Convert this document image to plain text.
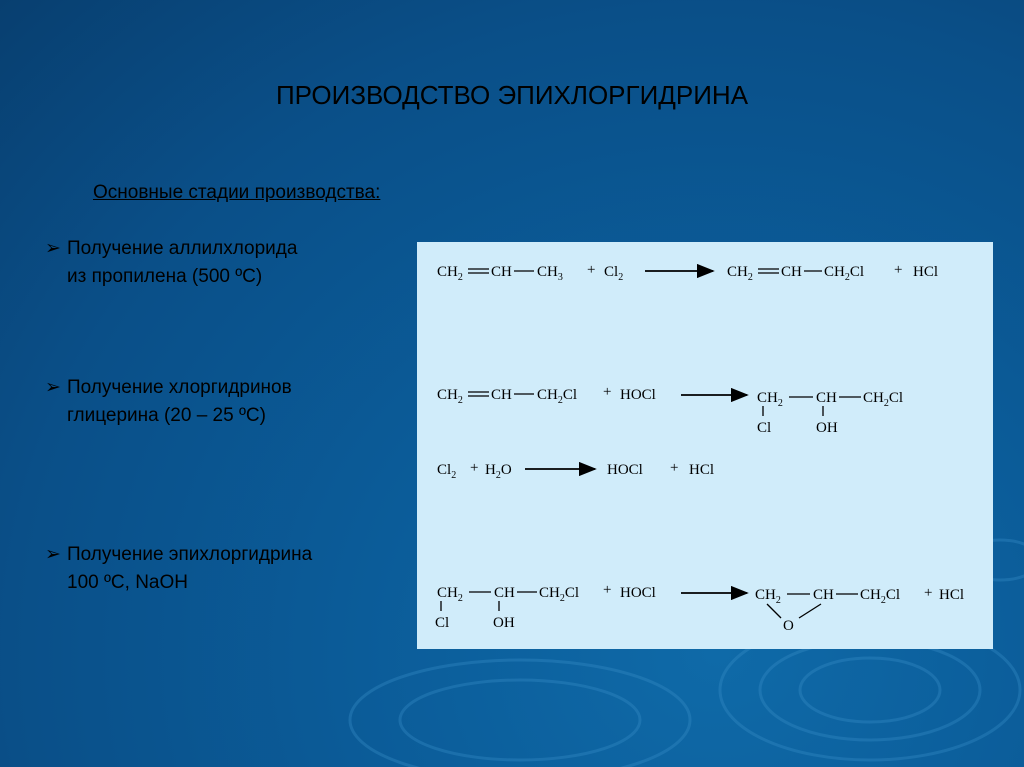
ПРОИЗВОДСТВО ЭПИХЛОРГИДРИНА
Основные стадии производства:
➢ Получение аллилхлорида
из пропилена (500 ºС)
➢ Получение хлоргидринов
глицерина (20 – 25 ºС)
➢ Получение эпихлоргидрина
100 ºС, NaOH
$CH_2$ CH $CH_3 + Cl_2$	$CH_2$ CH $CH_2Cl$ + HCl
$CH_2$ CH $CH_2Cl$ + HOCl	$CH_2$ CH $CH_2Cl$
Cl	OH
$Cl_2 + H_2O$	HOCl + HCl
$CH_2$ CH $CH_2Cl$ + HOCl
Cl	OH
$CH_2$ CH $CH_2Cl$ + HCl
O
